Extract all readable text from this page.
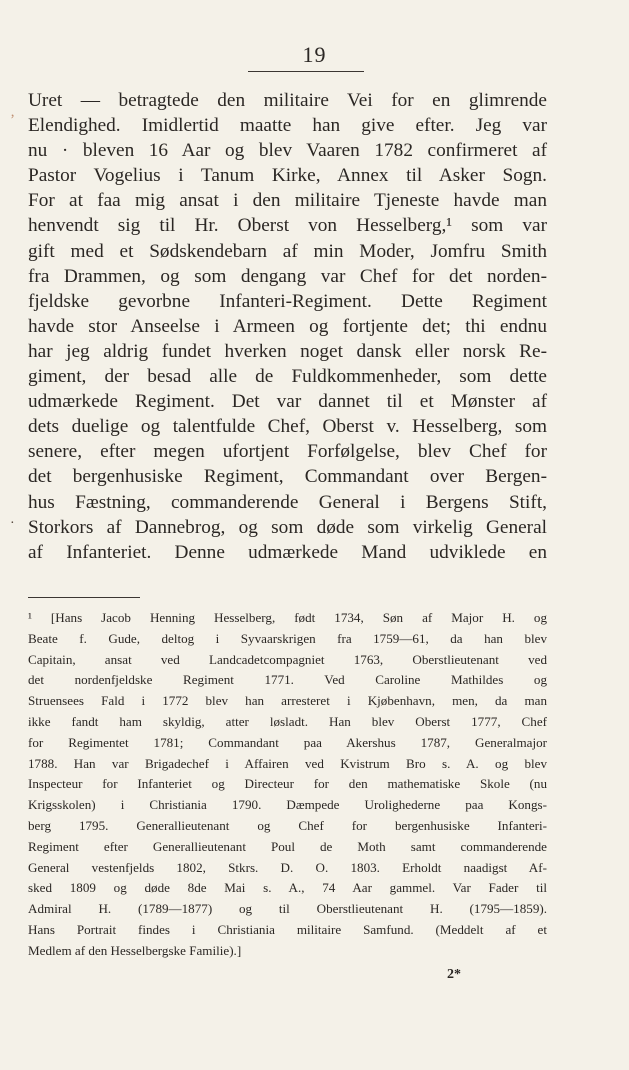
19
’
·
Uret — betragtede den militaire Vei for en glimrende
Elendighed. Imidlertid maatte han give efter. Jeg var
nu · bleven 16 Aar og blev Vaaren 1782 confirmeret af
Pastor Vogelius i Tanum Kirke, Annex til Asker Sogn.
For at faa mig ansat i den militaire Tjeneste havde man
henvendt sig til Hr. Oberst von Hesselberg,¹ som var
gift med et Sødskendebarn af min Moder, Jomfru Smith
fra Drammen, og som dengang var Chef for det norden-
fjeldske gevorbne Infanteri-Regiment. Dette Regiment
havde stor Anseelse i Armeen og fortjente det; thi endnu
har jeg aldrig fundet hverken noget dansk eller norsk Re-
giment, der besad alle de Fuldkommenheder, som dette
udmærkede Regiment. Det var dannet til et Mønster af
dets duelige og talentfulde Chef, Oberst v. Hesselberg, som
senere, efter megen ufortjent Forfølgelse, blev Chef for
det bergenhusiske Regiment, Commandant over Bergen-
hus Fæstning, commanderende General i Bergens Stift,
Storkors af Dannebrog, og som døde som virkelig General
af Infanteriet. Denne udmærkede Mand udviklede en
¹ [Hans Jacob Henning Hesselberg, født 1734, Søn af Major H. og
Beate f. Gude, deltog i Syvaarskrigen fra 1759—61, da han blev
Capitain, ansat ved Landcadetcompagniet 1763, Oberstlieutenant ved
det nordenfjeldske Regiment 1771. Ved Caroline Mathildes og
Struensees Fald i 1772 blev han arresteret i Kjøbenhavn, men, da man
ikke fandt ham skyldig, atter løsladt. Han blev Oberst 1777, Chef
for Regimentet 1781; Commandant paa Akershus 1787, Generalmajor
1788. Han var Brigadechef i Affairen ved Kvistrum Bro s. A. og blev
Inspecteur for Infanteriet og Directeur for den mathematiske Skole (nu
Krigsskolen) i Christiania 1790. Dæmpede Urolighederne paa Kongs-
berg 1795. Generallieutenant og Chef for bergenhusiske Infanteri-
Regiment efter Generallieutenant Poul de Moth samt commanderende
General vestenfjelds 1802, Stkrs. D. O. 1803. Erholdt naadigst Af-
sked 1809 og døde 8de Mai s. A., 74 Aar gammel. Var Fader til
Admiral H. (1789—1877) og til Oberstlieutenant H. (1795—1859).
Hans Portrait findes i Christiania militaire Samfund. (Meddelt af et
Medlem af den Hesselbergske Familie).]
2*
